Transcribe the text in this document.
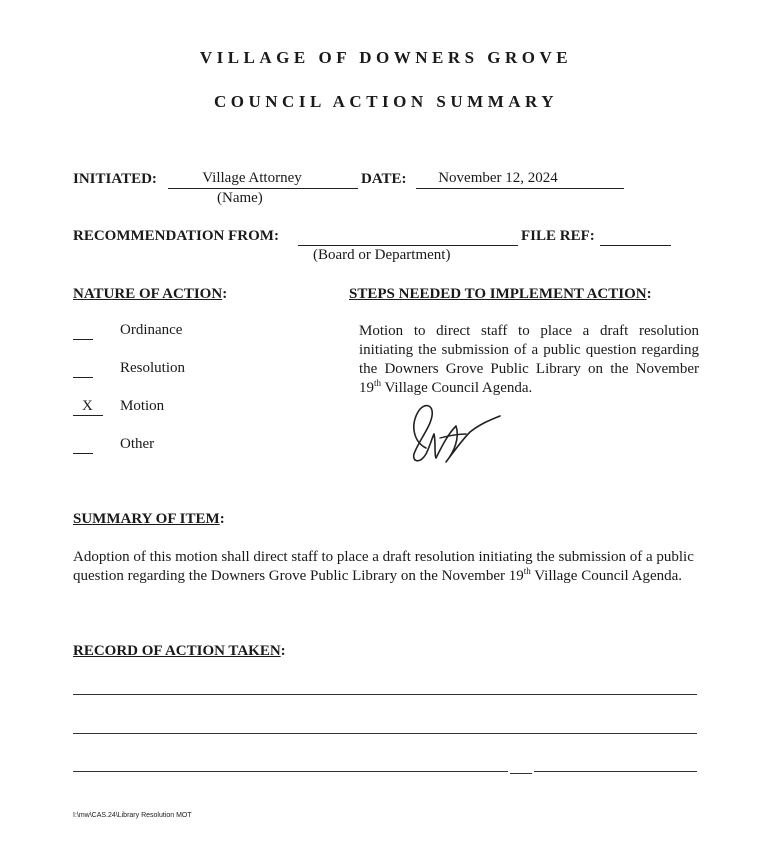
VILLAGE OF DOWNERS GROVE
COUNCIL ACTION SUMMARY
INITIATED:	Village Attorney
(Name)
DATE:	November 12, 2024
RECOMMENDATION FROM:
(Board or Department)
FILE REF:
NATURE OF ACTION:
Ordinance
Resolution
X Motion
Other
STEPS NEEDED TO IMPLEMENT ACTION:
Motion to direct staff to place a draft resolution initiating the submission of a public question regarding the Downers Grove Public Library on the November 19th Village Council Agenda.
SUMMARY OF ITEM:
Adoption of this motion shall direct staff to place a draft resolution initiating the submission of a public question regarding the Downers Grove Public Library on the November 19th Village Council Agenda.
RECORD OF ACTION TAKEN:
I:\mw\CAS.24\Library Resolution MOT
